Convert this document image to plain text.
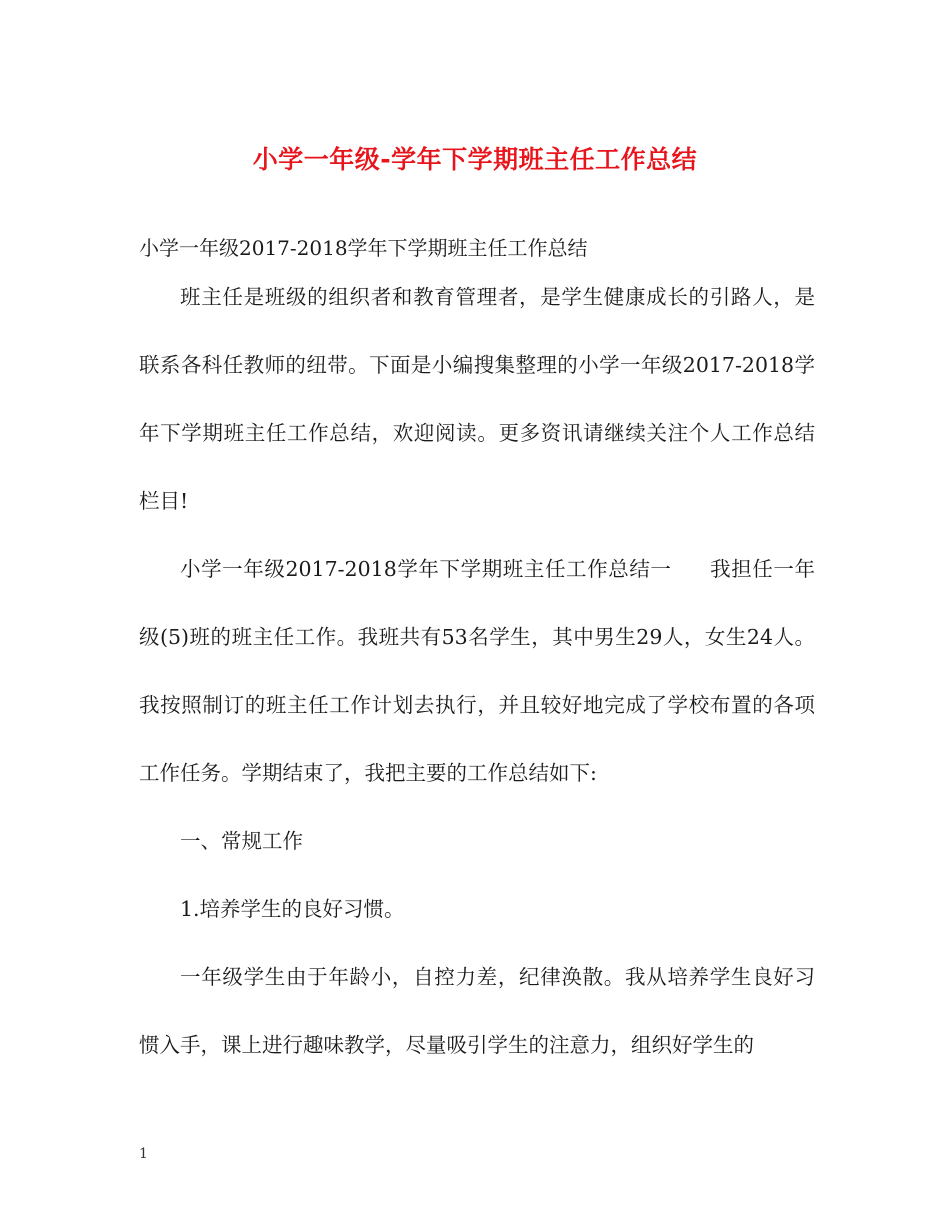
小学一年级-学年下学期班主任工作总结
小学一年级2017-2018学年下学期班主任工作总结

班主任是班级的组织者和教育管理者，是学生健康成长的引路人，是联系各科任教师的纽带。下面是小编搜集整理的小学一年级2017-2018学年下学期班主任工作总结，欢迎阅读。更多资讯请继续关注个人工作总结栏目!

小学一年级2017-2018学年下学期班主任工作总结一 我担任一年级(5)班的班主任工作。我班共有53名学生，其中男生29人，女生24人。我按照制订的班主任工作计划去执行，并且较好地完成了学校布置的各项工作任务。学期结束了，我把主要的工作总结如下:

一、常规工作

1.培养学生的良好习惯。

一年级学生由于年龄小，自控力差，纪律涣散。我从培养学生良好习惯入手，课上进行趣味教学，尽量吸引学生的注意力，组织好学生的

1
